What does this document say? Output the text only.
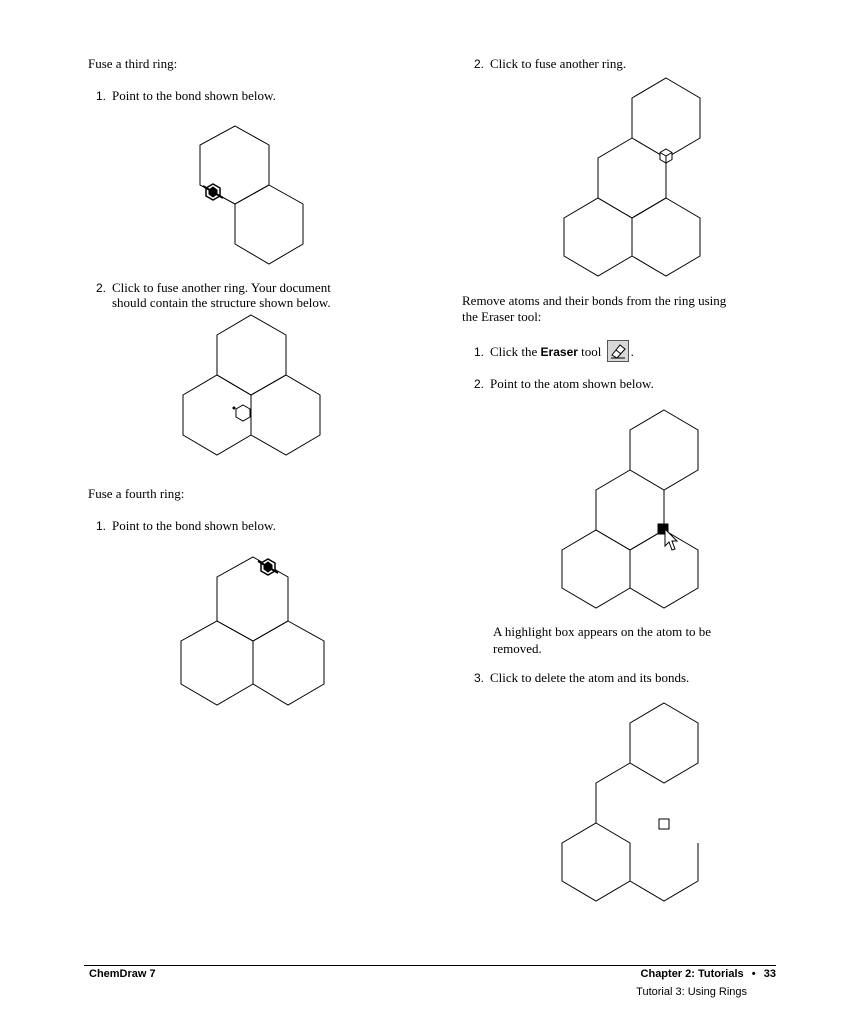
Fuse a third ring:
1. Point to the bond shown below.
2. Click to fuse another ring. Your document
should contain the structure shown below.
Fuse a fourth ring:
1. Point to the bond shown below.
2. Click to fuse another ring.
Remove atoms and their bonds from the ring using
the Eraser tool:
1. Click the Eraser tool .
2. Point to the atom shown below.
A highlight box appears on the atom to be
removed.
3. Click to delete the atom and its bonds.
ChemDraw 7	Chapter 2: Tutorials • 33
Tutorial 3: Using Rings
